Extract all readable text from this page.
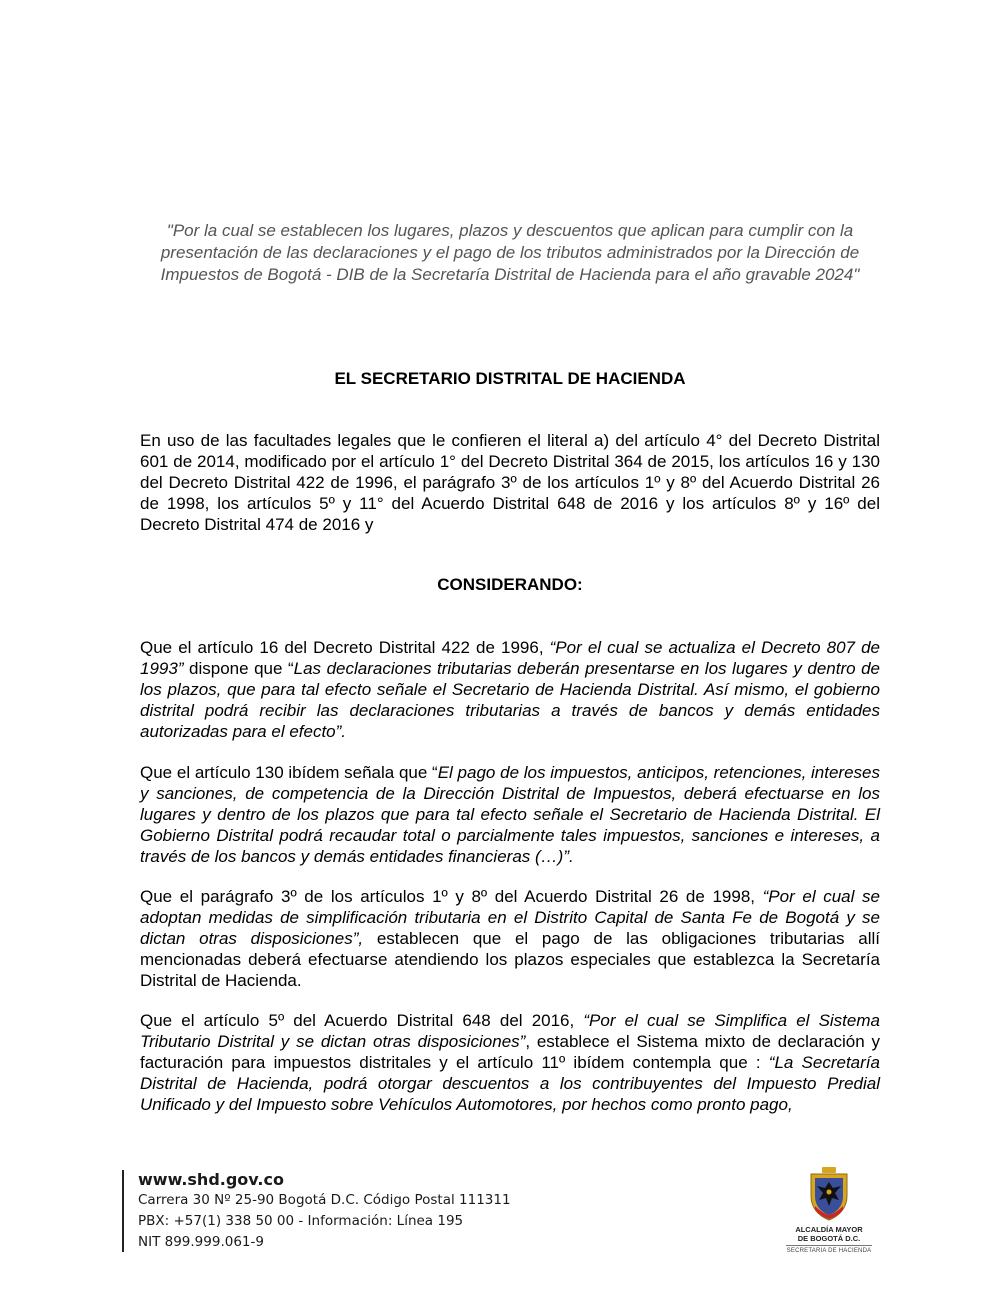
"Por la cual se establecen los lugares, plazos y descuentos que aplican para cumplir con la presentación de las declaraciones y el pago de los tributos administrados por la Dirección de Impuestos de Bogotá - DIB de la Secretaría Distrital de Hacienda para el año gravable 2024"
EL SECRETARIO DISTRITAL DE HACIENDA
En uso de las facultades legales que le confieren el literal a) del artículo 4° del Decreto Distrital 601 de 2014, modificado por el artículo 1° del Decreto Distrital 364 de 2015, los artículos 16 y 130 del Decreto Distrital 422 de 1996, el parágrafo 3º de los artículos 1º y 8º del Acuerdo Distrital 26 de 1998, los artículos 5º y 11° del Acuerdo Distrital 648 de 2016 y los artículos 8º y 16º del Decreto Distrital 474 de 2016 y
CONSIDERANDO:
Que el artículo 16 del Decreto Distrital 422 de 1996, “Por el cual se actualiza el Decreto 807 de 1993” dispone que “Las declaraciones tributarias deberán presentarse en los lugares y dentro de los plazos, que para tal efecto señale el Secretario de Hacienda Distrital. Así mismo, el gobierno distrital podrá recibir las declaraciones tributarias a través de bancos y demás entidades autorizadas para el efecto”.
Que el artículo 130 ibídem señala que “El pago de los impuestos, anticipos, retenciones, intereses y sanciones, de competencia de la Dirección Distrital de Impuestos, deberá efectuarse en los lugares y dentro de los plazos que para tal efecto señale el Secretario de Hacienda Distrital. El Gobierno Distrital podrá recaudar total o parcialmente tales impuestos, sanciones e intereses, a través de los bancos y demás entidades financieras (…)”.
Que el parágrafo 3º de los artículos 1º y 8º del Acuerdo Distrital 26 de 1998, “Por el cual se adoptan medidas de simplificación tributaria en el Distrito Capital de Santa Fe de Bogotá y se dictan otras disposiciones”, establecen que el pago de las obligaciones tributarias allí mencionadas deberá efectuarse atendiendo los plazos especiales que establezca la Secretaría Distrital de Hacienda.
Que el artículo 5º del Acuerdo Distrital 648 del 2016, “Por el cual se Simplifica el Sistema Tributario Distrital y se dictan otras disposiciones”, establece el Sistema mixto de declaración y facturación para impuestos distritales y el artículo 11º ibídem contempla que : “La Secretaría Distrital de Hacienda, podrá otorgar descuentos a los contribuyentes del Impuesto Predial Unificado y del Impuesto sobre Vehículos Automotores, por hechos como pronto pago,
www.shd.gov.co
Carrera 30 Nº 25-90 Bogotá D.C. Código Postal 111311
PBX: +57(1) 338 50 00 - Información: Línea 195
NIT 899.999.061-9
ALCALDÍA MAYOR
DE BOGOTÁ D.C.
SECRETARIA DE HACIENDA
